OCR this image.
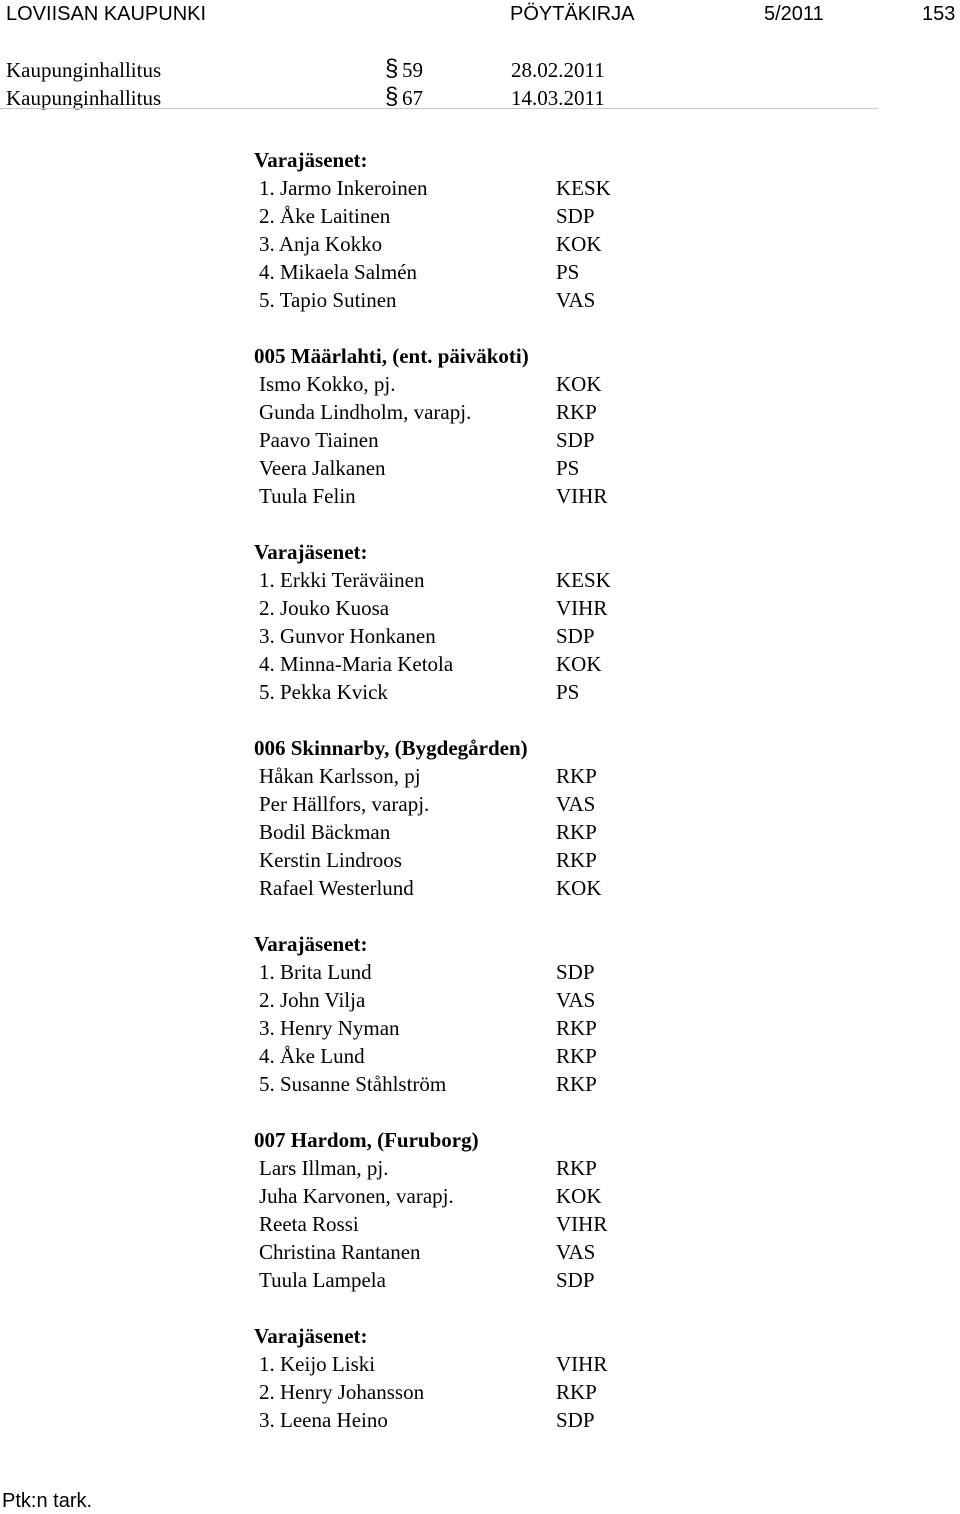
LOVIISAN KAUPUNKI	PÖYTÄKIRJA	5/2011	153
Kaupunginhallitus	§ 59	28.02.2011
Kaupunginhallitus	§ 67	14.03.2011
Varajäsenet:
1. Jarmo Inkeroinen	KESK
2. Åke Laitinen	SDP
3. Anja Kokko	KOK
4. Mikaela Salmén	PS
5. Tapio Sutinen	VAS
005 Määrlahti, (ent. päiväkoti)
Ismo Kokko, pj.	KOK
Gunda Lindholm, varapj.	RKP
Paavo Tiainen	SDP
Veera Jalkanen	PS
Tuula Felin	VIHR
Varajäsenet:
1. Erkki Teräväinen	KESK
2. Jouko Kuosa	VIHR
3. Gunvor Honkanen	SDP
4. Minna-Maria Ketola	KOK
5. Pekka Kvick	PS
006 Skinnarby, (Bygdegården)
Håkan Karlsson, pj	RKP
Per Hällfors, varapj.	VAS
Bodil Bäckman	RKP
Kerstin Lindroos	RKP
Rafael Westerlund	KOK
Varajäsenet:
1. Brita Lund	SDP
2. John Vilja	VAS
3. Henry Nyman	RKP
4. Åke Lund	RKP
5. Susanne Ståhlström	RKP
007 Hardom, (Furuborg)
Lars Illman, pj.	RKP
Juha Karvonen, varapj.	KOK
Reeta Rossi	VIHR
Christina Rantanen	VAS
Tuula Lampela	SDP
Varajäsenet:
1. Keijo Liski	VIHR
2. Henry Johansson	RKP
3. Leena Heino	SDP
Ptk:n tark.
